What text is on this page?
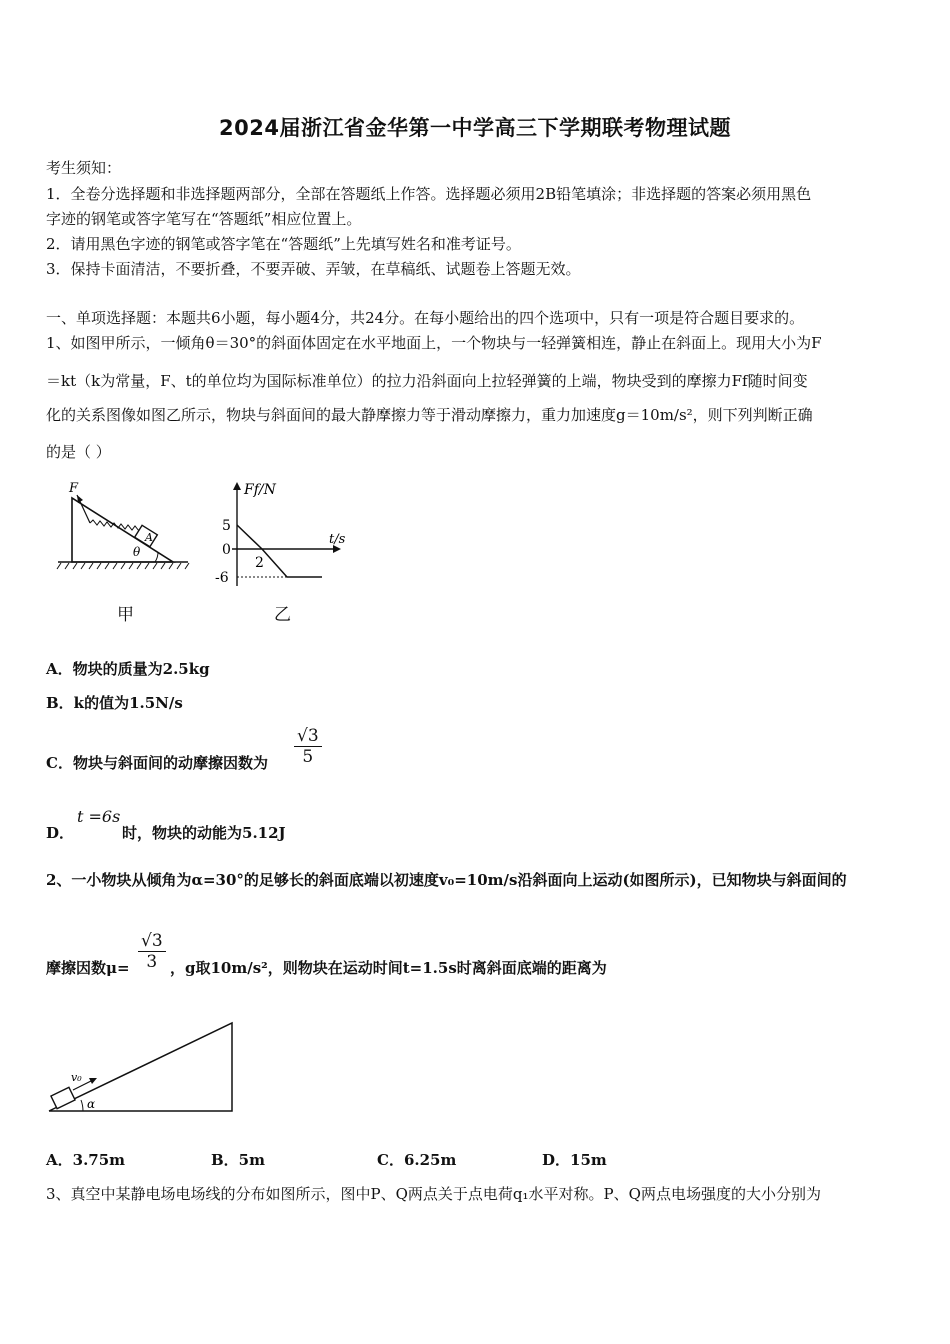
2024届浙江省金华第一中学高三下学期联考物理试题
考生须知：
1．全卷分选择题和非选择题两部分，全部在答题纸上作答。选择题必须用2B铅笔填涂；非选择题的答案必须用黑色
字迹的钢笔或答字笔写在“答题纸”相应位置上。
2．请用黑色字迹的钢笔或答字笔在“答题纸”上先填写姓名和准考证号。
3．保持卡面清洁，不要折叠，不要弄破、弄皱，在草稿纸、试题卷上答题无效。
一、单项选择题：本题共6小题，每小题4分，共24分。在每小题给出的四个选项中，只有一项是符合题目要求的。
1、如图甲所示，一倾角θ＝30°的斜面体固定在水平地面上，一个物块与一轻弹簧相连，静止在斜面上。现用大小为F
＝kt（k为常量，F、t的单位均为国际标准单位）的拉力沿斜面向上拉轻弹簧的上端，物块受到的摩擦力Ff随时间变
化的关系图像如图乙所示，物块与斜面间的最大静摩擦力等于滑动摩擦力，重力加速度g＝10m/s²，则下列判断正确
的是（ ）
F
A
θ
甲
Ff/N
t/s
5
0
2
-6
乙
A．物块的质量为2.5kg
B．k的值为1.5N/s
C．物块与斜面间的动摩擦因数为 $\frac{√3}{5}$
D．
t =6s
时，物块的动能为5.12J
2、一小物块从倾角为α=30°的足够长的斜面底端以初速度v₀=10m/s沿斜面向上运动(如图所示)，已知物块与斜面间的
摩擦因数$\mu= \frac{√3}{3}$ ，g取10m/s²，则物块在运动时间t=1.5s时离斜面底端的距离为
v₀
α
A．3.75m	B．5m	C．6.25m	D．15m
3、真空中某静电场电场线的分布如图所示，图中P、Q两点关于点电荷q₁水平对称。P、Q两点电场强度的大小分别为
